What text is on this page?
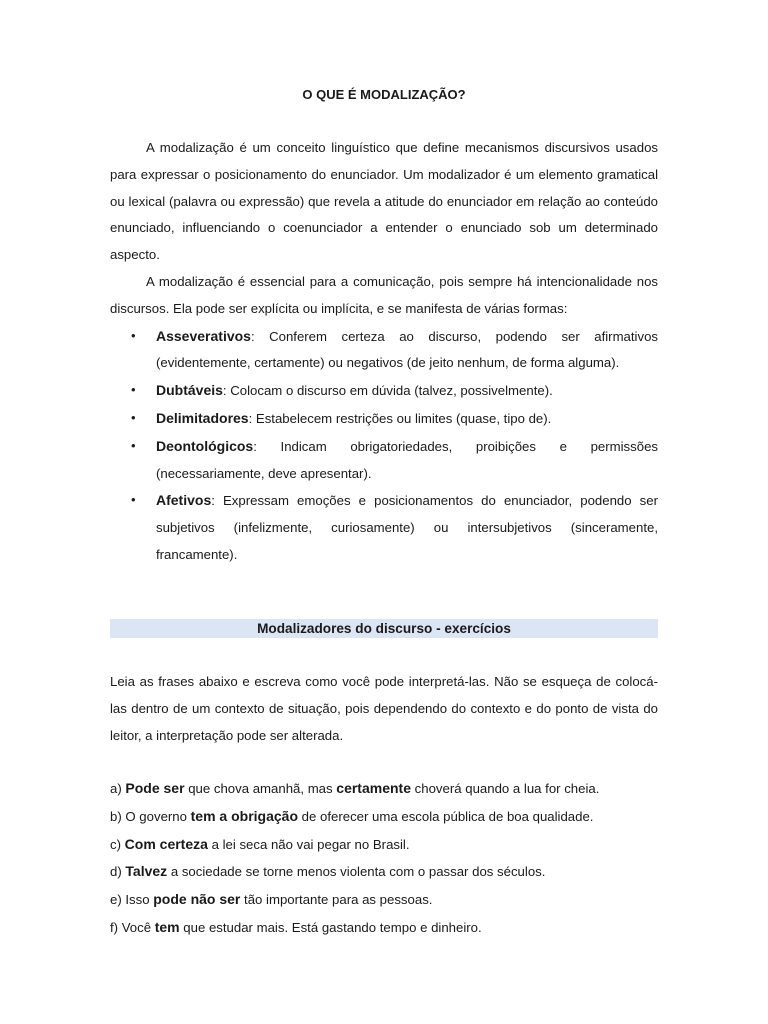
O QUE É MODALIZAÇÃO?

A modalização é um conceito linguístico que define mecanismos discursivos usados para expressar o posicionamento do enunciador. Um modalizador é um elemento gramatical ou lexical (palavra ou expressão) que revela a atitude do enunciador em relação ao conteúdo enunciado, influenciando o coenunciador a entender o enunciado sob um determinado aspecto.

A modalização é essencial para a comunicação, pois sempre há intencionalidade nos discursos. Ela pode ser explícita ou implícita, e se manifesta de várias formas:

• Asseverativos: Conferem certeza ao discurso, podendo ser afirmativos (evidentemente, certamente) ou negativos (de jeito nenhum, de forma alguma).
• Dubtáveis: Colocam o discurso em dúvida (talvez, possivelmente).
• Delimitadores: Estabelecem restrições ou limites (quase, tipo de).
• Deontológicos: Indicam obrigatoriedades, proibições e permissões (necessariamente, deve apresentar).
• Afetivos: Expressam emoções e posicionamentos do enunciador, podendo ser subjetivos (infelizmente, curiosamente) ou intersubjetivos (sinceramente, francamente).
Modalizadores do discurso - exercícios

Leia as frases abaixo e escreva como você pode interpretá-las. Não se esqueça de colocá-las dentro de um contexto de situação, pois dependendo do contexto e do ponto de vista do leitor, a interpretação pode ser alterada.

a) Pode ser que chova amanhã, mas certamente choverá quando a lua for cheia.
b) O governo tem a obrigação de oferecer uma escola pública de boa qualidade.
c) Com certeza a lei seca não vai pegar no Brasil.
d) Talvez a sociedade se torne menos violenta com o passar dos séculos.
e) Isso pode não ser tão importante para as pessoas.
f) Você tem que estudar mais. Está gastando tempo e dinheiro.
